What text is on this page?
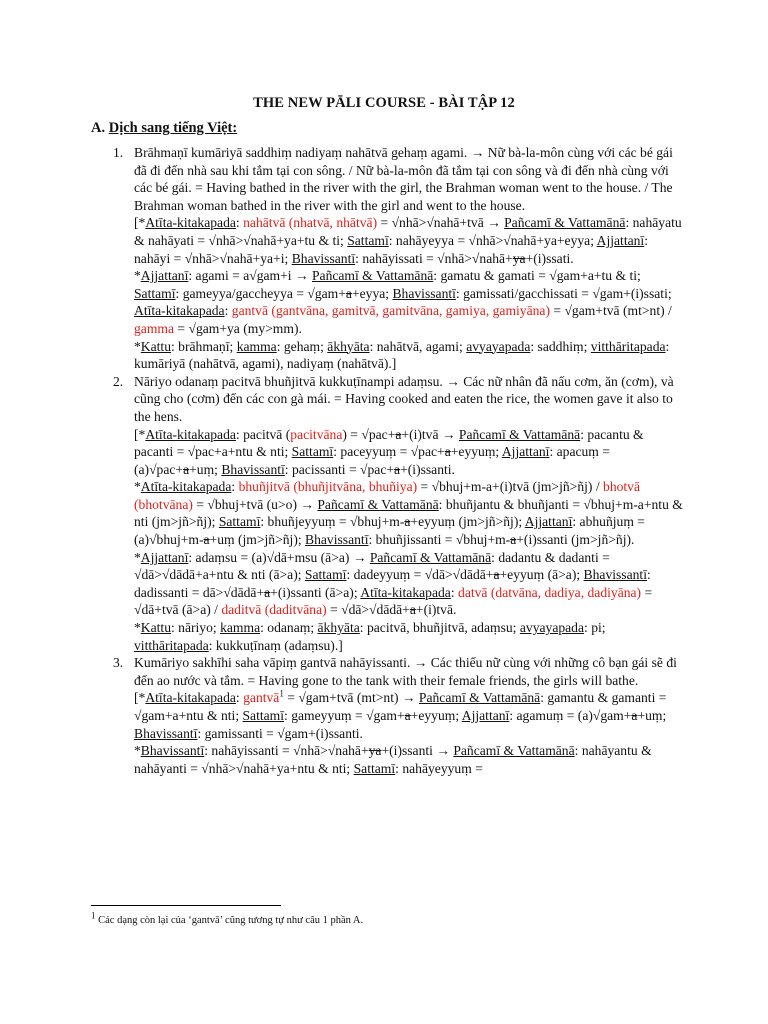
THE NEW PĀLI COURSE - BÀI TẬP 12
A. Dịch sang tiếng Việt:
1. Brāhmaṇī kumāriyā saddhiṃ nadiyaṃ nahātvā gehaṃ agami. → Nữ bà-la-môn cùng với các bé gái đã đi đến nhà sau khi tắm tại con sông. / Nữ bà-la-môn đã tắm tại con sông và đi đến nhà cùng với các bé gái. = Having bathed in the river with the girl, the Brahman woman went to the house. / The Brahman woman bathed in the river with the girl and went to the house.
[*Atīta-kitakapada: nahātvā (nhatvā, nhātvā) = √nhā>√nahā+tvā → Pañcamī & Vattamānā: nahāyatu & nahāyati = √nhā>√nahā+ya+tu & ti; Sattamī: nahāyeyya = √nhā>√nahā+ya+eyya; Ajjattanī: nahāyi = √nhā>√nahā+ya+i; Bhavissantī: nahāyissati = √nhā>√nahā+ya+(i)ssati.
*Ajjattanī: agami = a√gam+i → Pañcamī & Vattamānā: gamatu & gamati = √gam+a+tu & ti; Sattamī: gameyya/gaccheyya = √gam+a+eyya; Bhavissantī: gamissati/gacchissati = √gam+(i)ssati; Atīta-kitakapada: gantvā (gantvāna, gamitvā, gamitvāna, gamiya, gamiyāna) = √gam+tvā (mt>nt) / gamma = √gam+ya (my>mm).
*Kattu: brāhmaṇī; kamma: gehaṃ; ākhyāta: nahātvā, agami; avyayapada: saddhiṃ; vitthāritapada: kumāriyā (nahātvā, agami), nadiyaṃ (nahātvā).]
2. Nāriyo odanaṃ pacitvā bhuñjitvā kukkuṭīnampi adaṃsu. → Các nữ nhân đã nấu cơm, ăn (cơm), và cũng cho (cơm) đến các con gà mái. = Having cooked and eaten the rice, the women gave it also to the hens.
[*Atīta-kitakapada: pacitvā (pacitvāna) = √pac+a+(i)tvā → Pañcamī & Vattamānā: pacantu & pacanti = √pac+a+ntu & nti; Sattamī: paceyyuṃ = √pac+a+eyyuṃ; Ajjattanī: apacuṃ = (a)√pac+a+uṃ; Bhavissantī: pacissanti = √pac+a+(i)ssanti.
*Atīta-kitakapada: bhuñjitvā (bhuñjitvāna, bhuñiya) = √bhuj+m-a+(i)tvā (jm>jñ>ñj) / bhotvā (bhotvāna) = √bhuj+tvā (u>o) → Pañcamī & Vattamānā: bhuñjantu & bhuñjanti = √bhuj+m-a+ntu & nti (jm>jñ>ñj); Sattamī: bhuñjeyyuṃ = √bhuj+m-a+eyyuṃ (jm>jñ>ñj); Ajjattanī: abhuñjuṃ = (a)√bhuj+m-a+uṃ (jm>jñ>ñj); Bhavissantī: bhuñjissanti = √bhuj+m-a+(i)ssanti (jm>jñ>ñj).
*Ajjattanī: adaṃsu = (a)√dā+msu (ā>a) → Pañcamī & Vattamānā: dadantu & dadanti = √dā>√dādā+a+ntu & nti (ā>a); Sattamī: dadeyyuṃ = √dā>√dādā+a+eyyuṃ (ā>a); Bhavissantī: dadissanti = dā>√dādā+a+(i)ssanti (ā>a); Atīta-kitakapada: datvā (datvāna, dadiya, dadiyāna) = √dā+tvā (ā>a) / daditvā (daditvāna) = √dā>√dādā+a+(i)tvā.
*Kattu: nāriyo; kamma: odanaṃ; ākhyāta: pacitvā, bhuñjitvā, adaṃsu; avyayapada: pi; vitthāritapada: kukkuṭīnaṃ (adaṃsu).]
3. Kumāriyo sakhīhi saha vāpiṃ gantvā nahāyissanti. → Các thiếu nữ cùng với những cô bạn gái sẽ đi đến ao nước và tắm. = Having gone to the tank with their female friends, the girls will bathe.
[*Atīta-kitakapada: gantvā$^1$ = √gam+tvā (mt>nt) → Pañcamī & Vattamānā: gamantu & gamanti = √gam+a+ntu & nti; Sattamī: gameyyuṃ = √gam+a+eyyuṃ; Ajjattanī: agamuṃ = (a)√gam+a+uṃ; Bhavissantī: gamissanti = √gam+(i)ssanti.
*Bhavissantī: nahāyissanti = √nhā>√nahā+ya+(i)ssanti → Pañcamī & Vattamānā: nahāyantu & nahāyanti = √nhā>√nahā+ya+ntu & nti; Sattamī: nahāyeyyuṃ =
$^1$ Các dạng còn lại của ‘gantvā’ cũng tương tự như câu 1 phần A.
